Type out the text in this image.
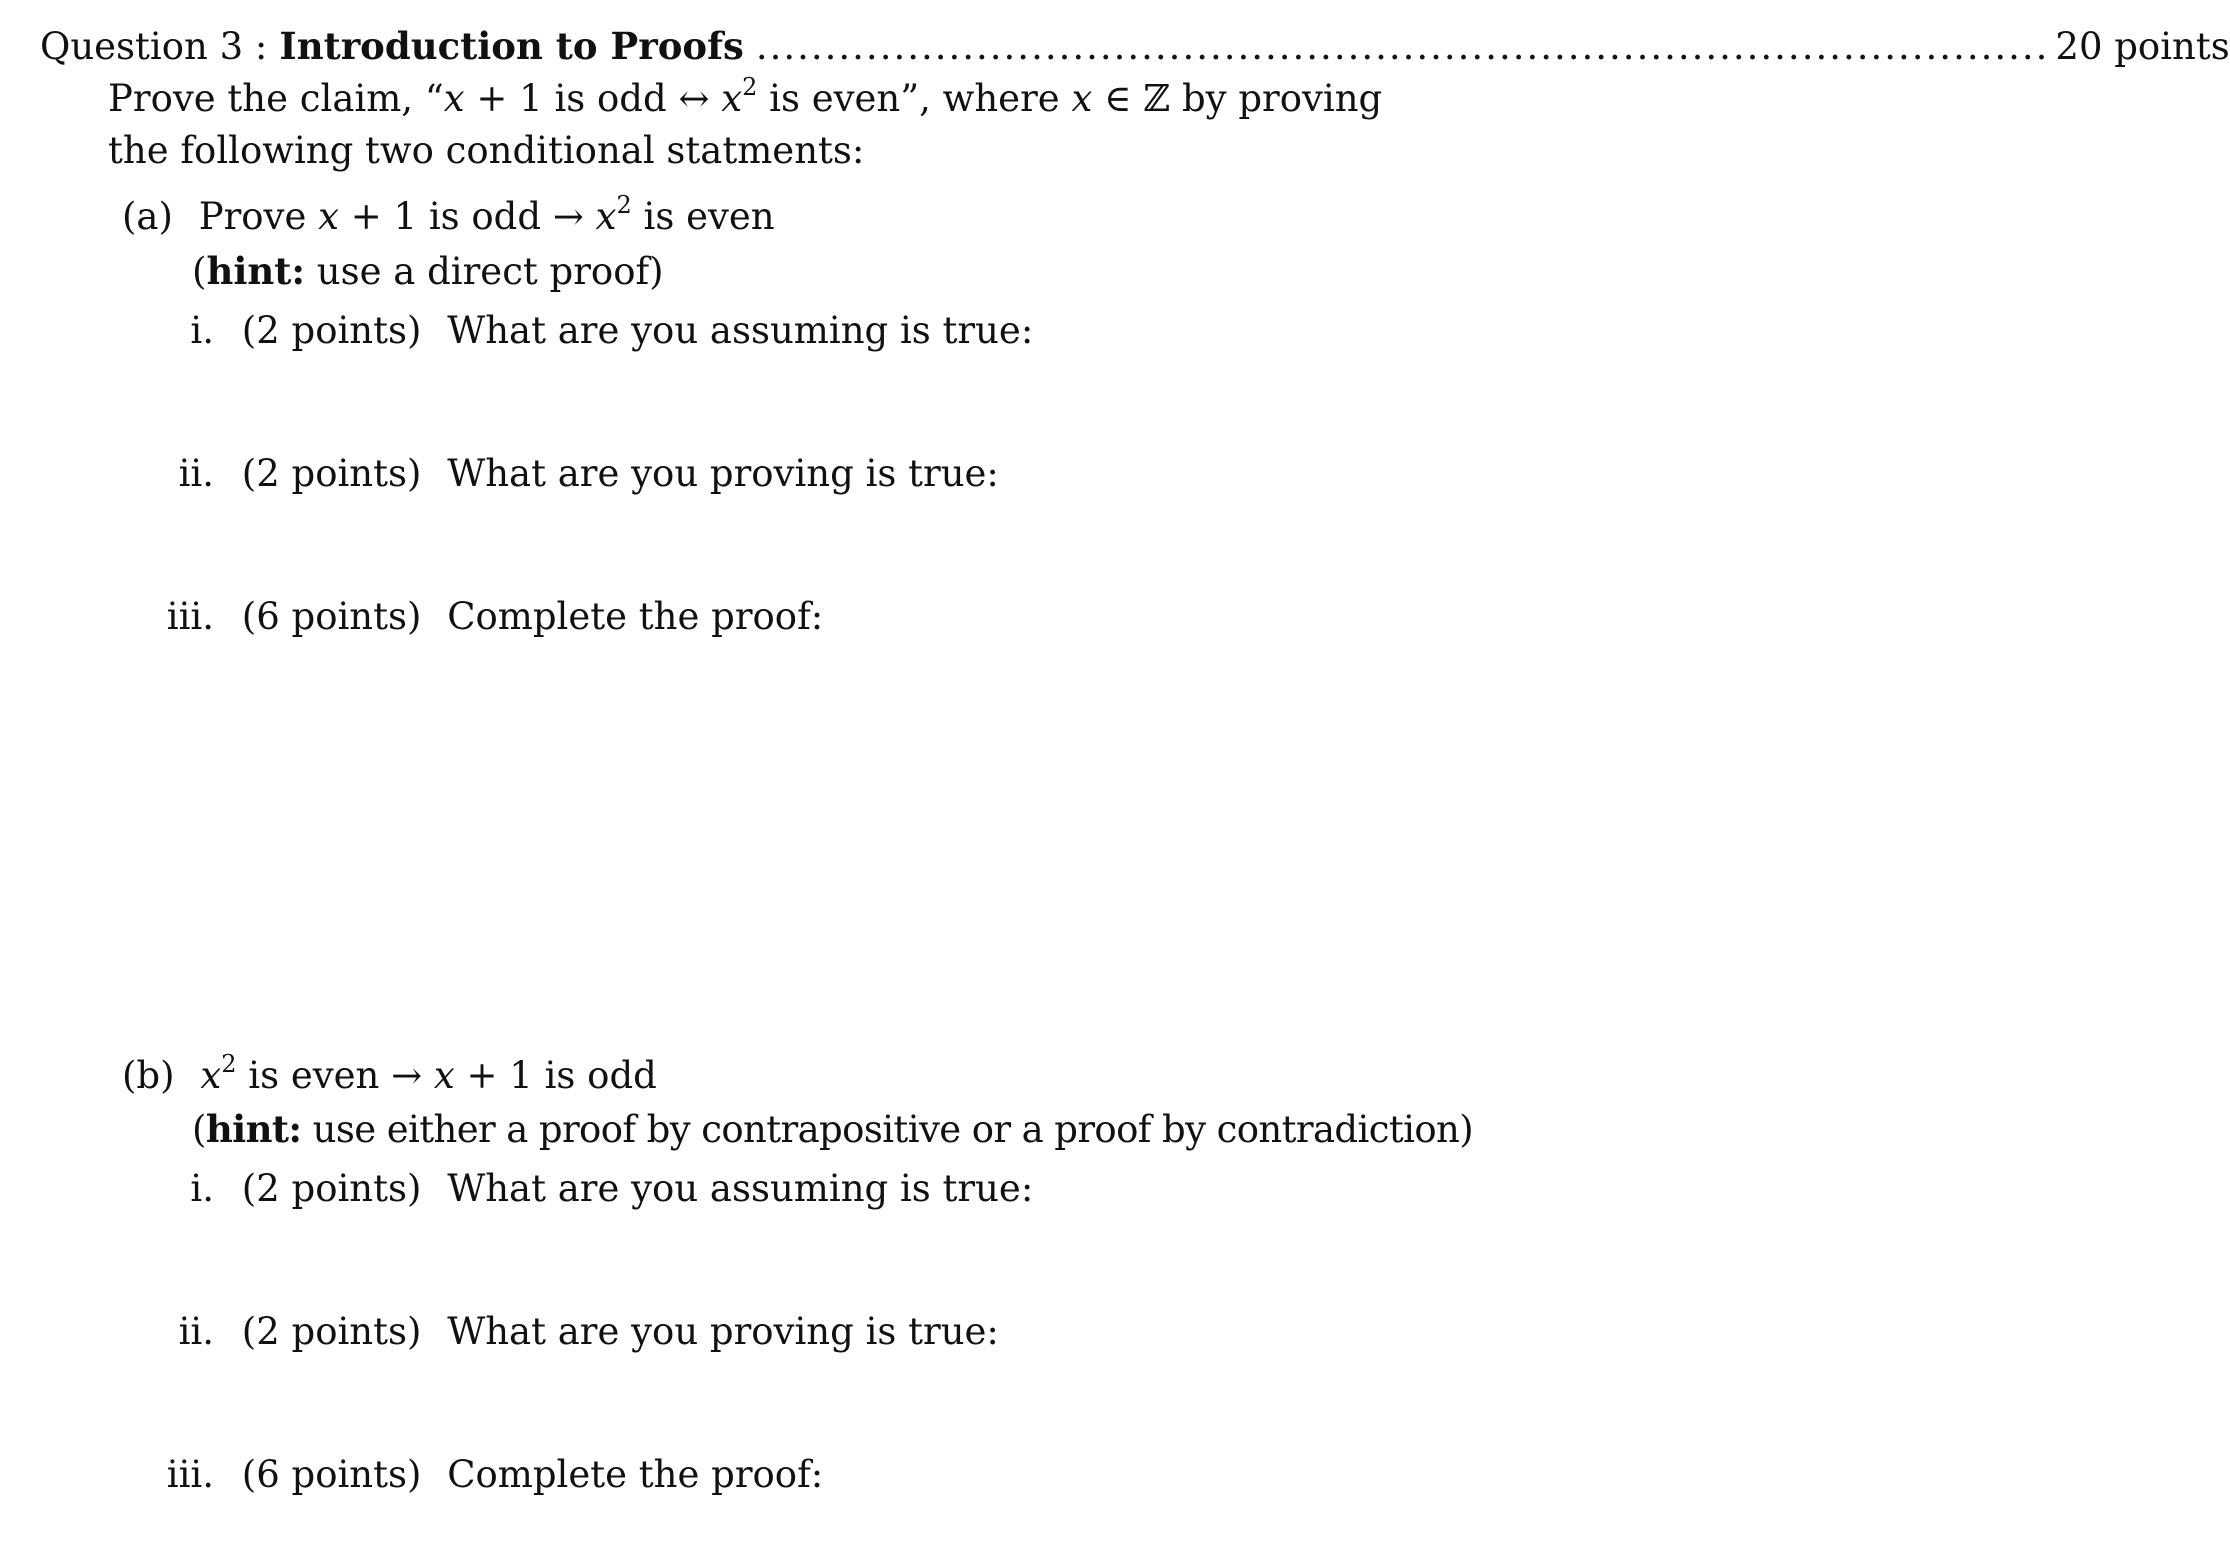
Question 3 : Introduction to Proofs .............................................................................................. 20 points
Prove the claim, “x + 1 is odd ↔ $x^2$ is even”, where x ∈ ℤ by proving
the following two conditional statments:
(a) Prove x + 1 is odd → $x^2$ is even
(hint: use a direct proof)
i. (2 points) What are you assuming is true:
ii. (2 points) What are you proving is true:
iii. (6 points) Complete the proof:
(b) $x^2$ is even → x + 1 is odd
(hint: use either a proof by contrapositive or a proof by contradiction)
i. (2 points) What are you assuming is true:
ii. (2 points) What are you proving is true:
iii. (6 points) Complete the proof:
